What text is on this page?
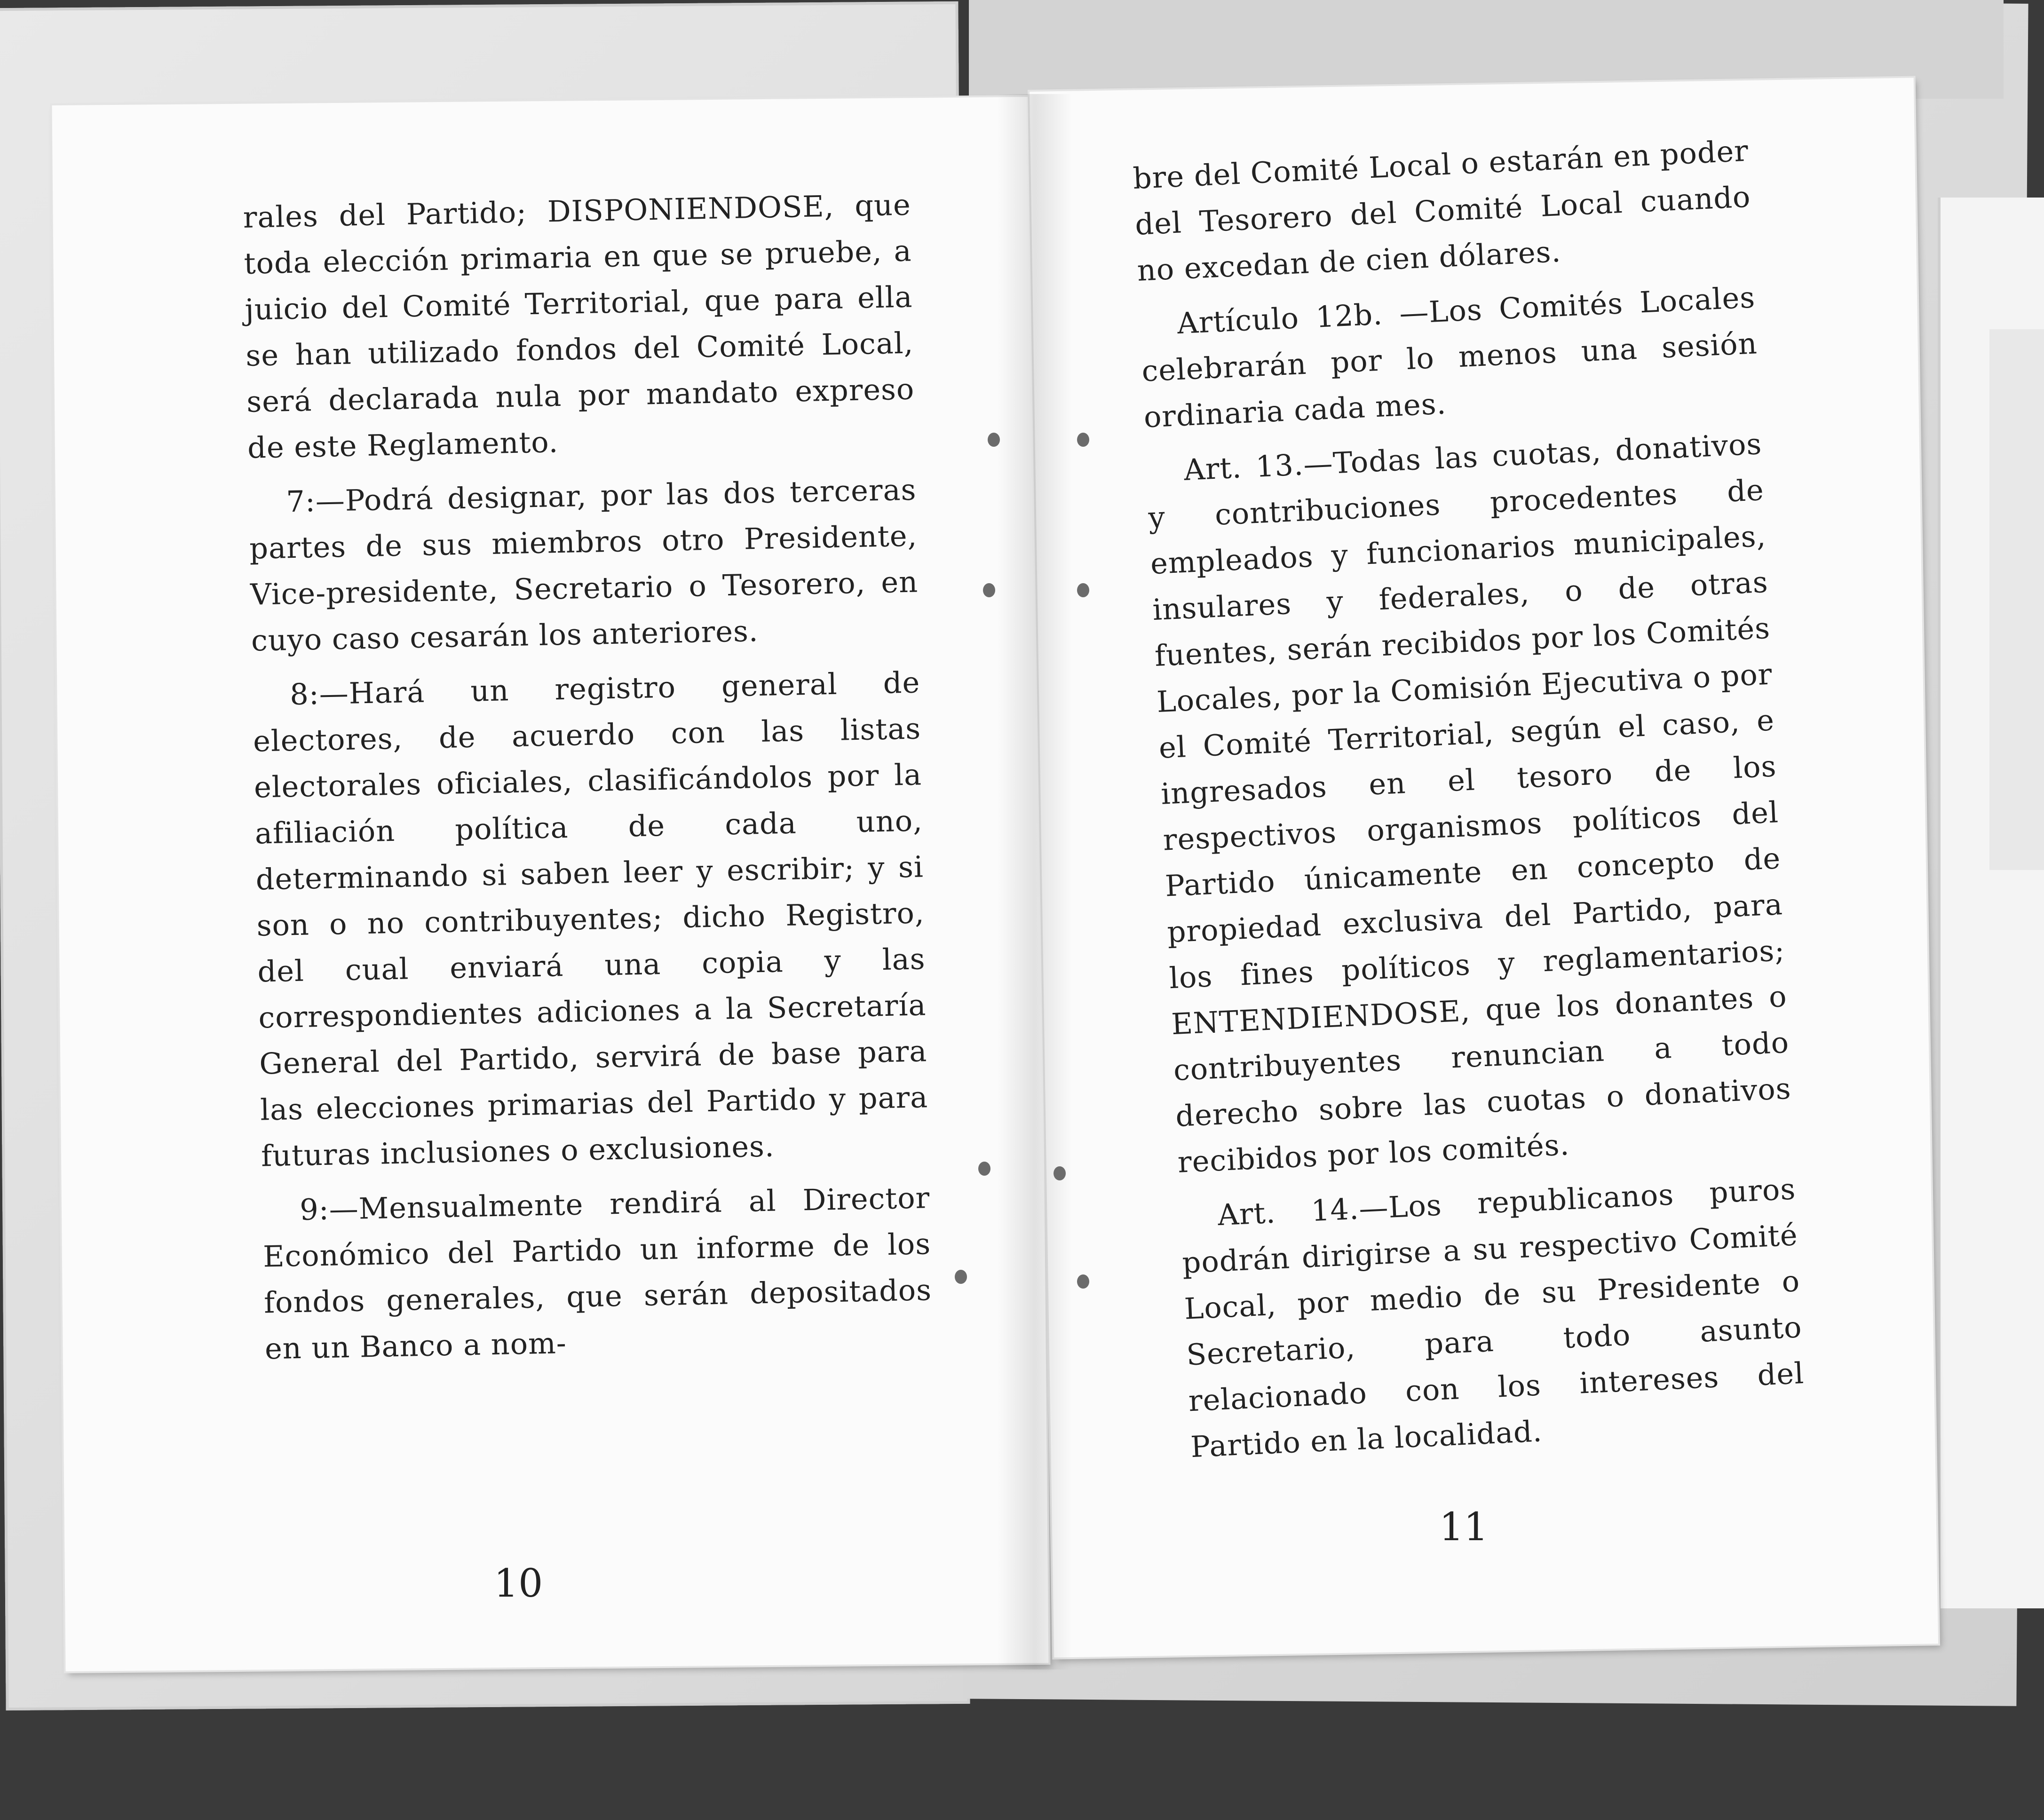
rales del Partido; DISPONIENDOSE, que toda elección primaria en que se pruebe, a juicio del Comité Territorial, que para ella se han utilizado fondos del Comité Local, será declarada nula por mandato expreso de este Reglamento.

7:—Podrá designar, por las dos terceras partes de sus miembros otro Presidente, Vice-presidente, Secretario o Tesorero, en cuyo caso cesarán los anteriores.

8:—Hará un registro general de electores, de acuerdo con las listas electorales oficiales, clasificándolos por la afiliación política de cada uno, determinando si saben leer y escribir; y si son o no contribuyentes; dicho Registro, del cual enviará una copia y las correspondientes adiciones a la Secretaría General del Partido, servirá de base para las elecciones primarias del Partido y para futuras inclusiones o exclusiones.

9:—Mensualmente rendirá al Director Económico del Partido un informe de los fondos generales, que serán depositados en un Banco a nom-

10

bre del Comité Local o estarán en poder del Tesorero del Comité Local cuando no excedan de cien dólares.

Artículo 12b. —Los Comités Locales celebrarán por lo menos una sesión ordinaria cada mes.

Art. 13.—Todas las cuotas, donativos y contribuciones procedentes de empleados y funcionarios municipales, insulares y federales, o de otras fuentes, serán recibidos por los Comités Locales, por la Comisión Ejecutiva o por el Comité Territorial, según el caso, e ingresados en el tesoro de los respectivos organismos políticos del Partido únicamente en concepto de propiedad exclusiva del Partido, para los fines políticos y reglamentarios; ENTENDIENDOSE, que los donantes o contribuyentes renuncian a todo derecho sobre las cuotas o donativos recibidos por los comités.

Art. 14.—Los republicanos puros podrán dirigirse a su respectivo Comité Local, por medio de su Presidente o Secretario, para todo asunto relacionado con los intereses del Partido en la localidad.

11
